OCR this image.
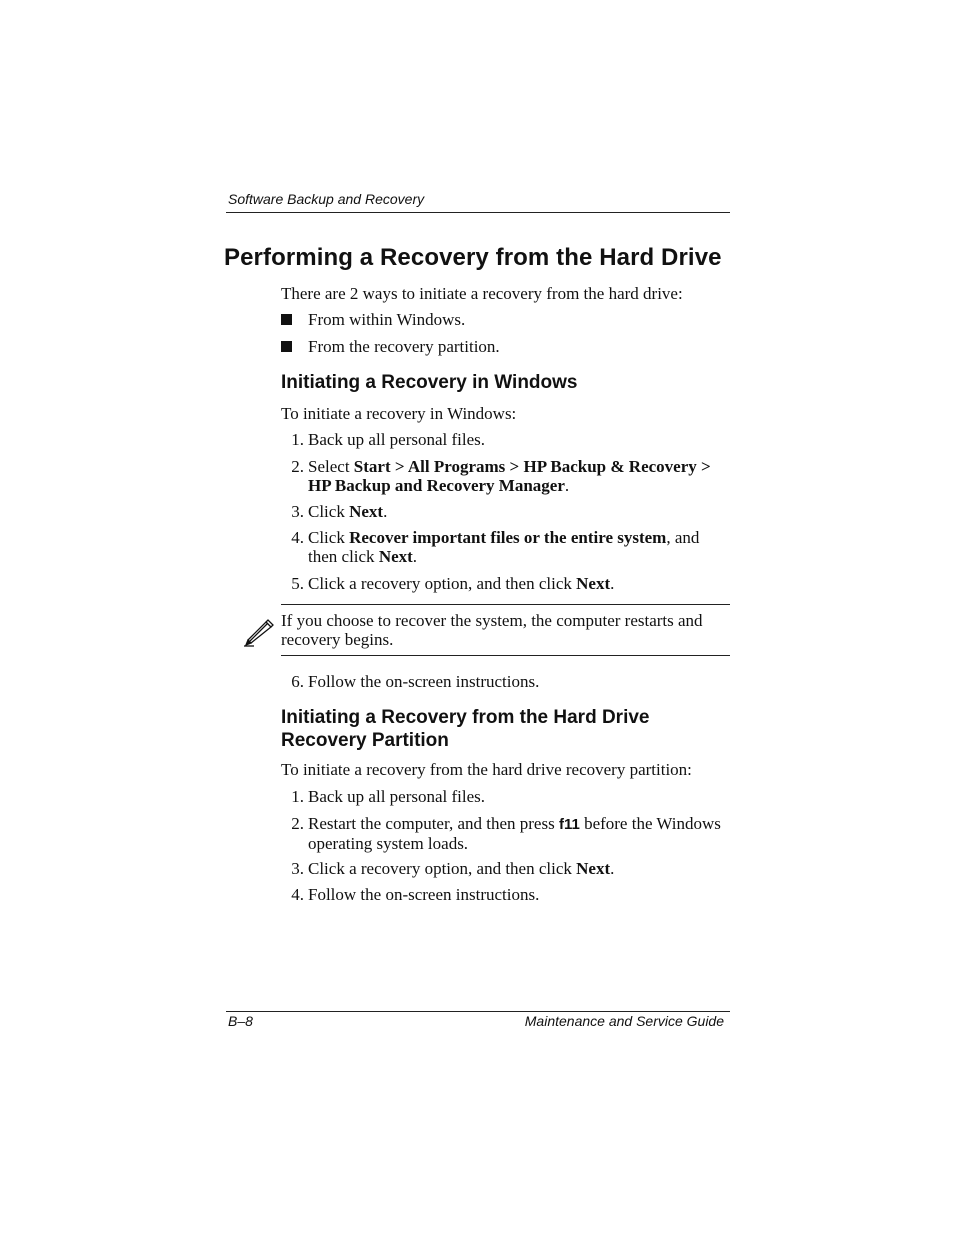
Software Backup and Recovery
Performing a Recovery from the Hard Drive
There are 2 ways to initiate a recovery from the hard drive:
From within Windows.
From the recovery partition.
Initiating a Recovery in Windows
To initiate a recovery in Windows:
1. Back up all personal files.
2. Select Start > All Programs > HP Backup & Recovery >
HP Backup and Recovery Manager.
3. Click Next.
4. Click Recover important files or the entire system, and
then click Next.
5. Click a recovery option, and then click Next.
If you choose to recover the system, the computer restarts and
recovery begins.
6. Follow the on-screen instructions.
Initiating a Recovery from the Hard Drive
Recovery Partition
To initiate a recovery from the hard drive recovery partition:
1. Back up all personal files.
2. Restart the computer, and then press f11 before the Windows
operating system loads.
3. Click a recovery option, and then click Next.
4. Follow the on-screen instructions.
B–8	Maintenance and Service Guide
